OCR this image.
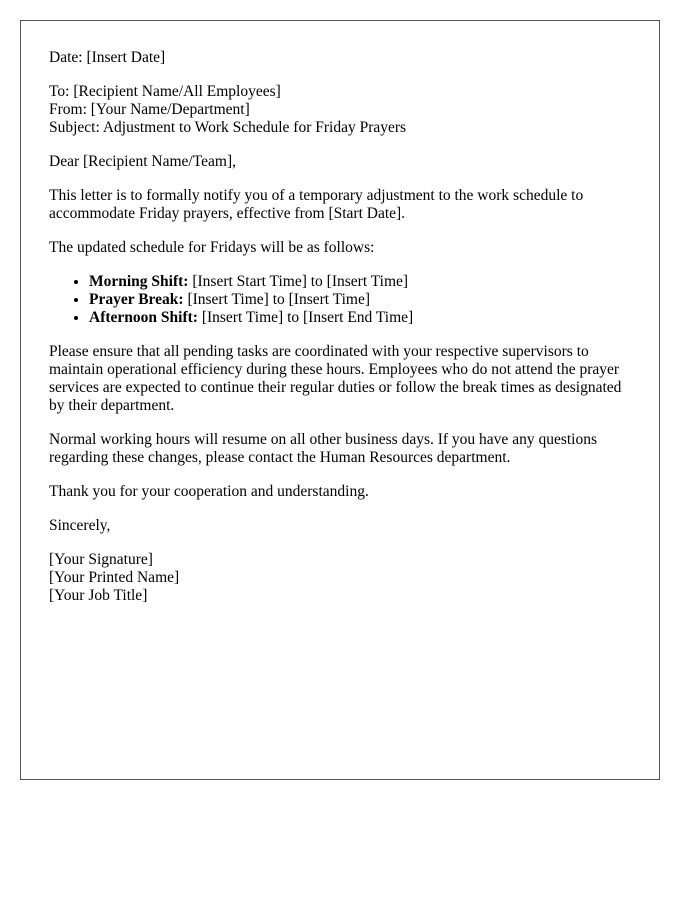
Date: [Insert Date]

To: [Recipient Name/All Employees]
From: [Your Name/Department]
Subject: Adjustment to Work Schedule for Friday Prayers

Dear [Recipient Name/Team],

This letter is to formally notify you of a temporary adjustment to the work schedule to accommodate Friday prayers, effective from [Start Date].

The updated schedule for Fridays will be as follows:

• Morning Shift: [Insert Start Time] to [Insert Time]
• Prayer Break: [Insert Time] to [Insert Time]
• Afternoon Shift: [Insert Time] to [Insert End Time]

Please ensure that all pending tasks are coordinated with your respective supervisors to maintain operational efficiency during these hours. Employees who do not attend the prayer services are expected to continue their regular duties or follow the break times as designated by their department.

Normal working hours will resume on all other business days. If you have any questions regarding these changes, please contact the Human Resources department.

Thank you for your cooperation and understanding.

Sincerely,

[Your Signature]
[Your Printed Name]
[Your Job Title]
